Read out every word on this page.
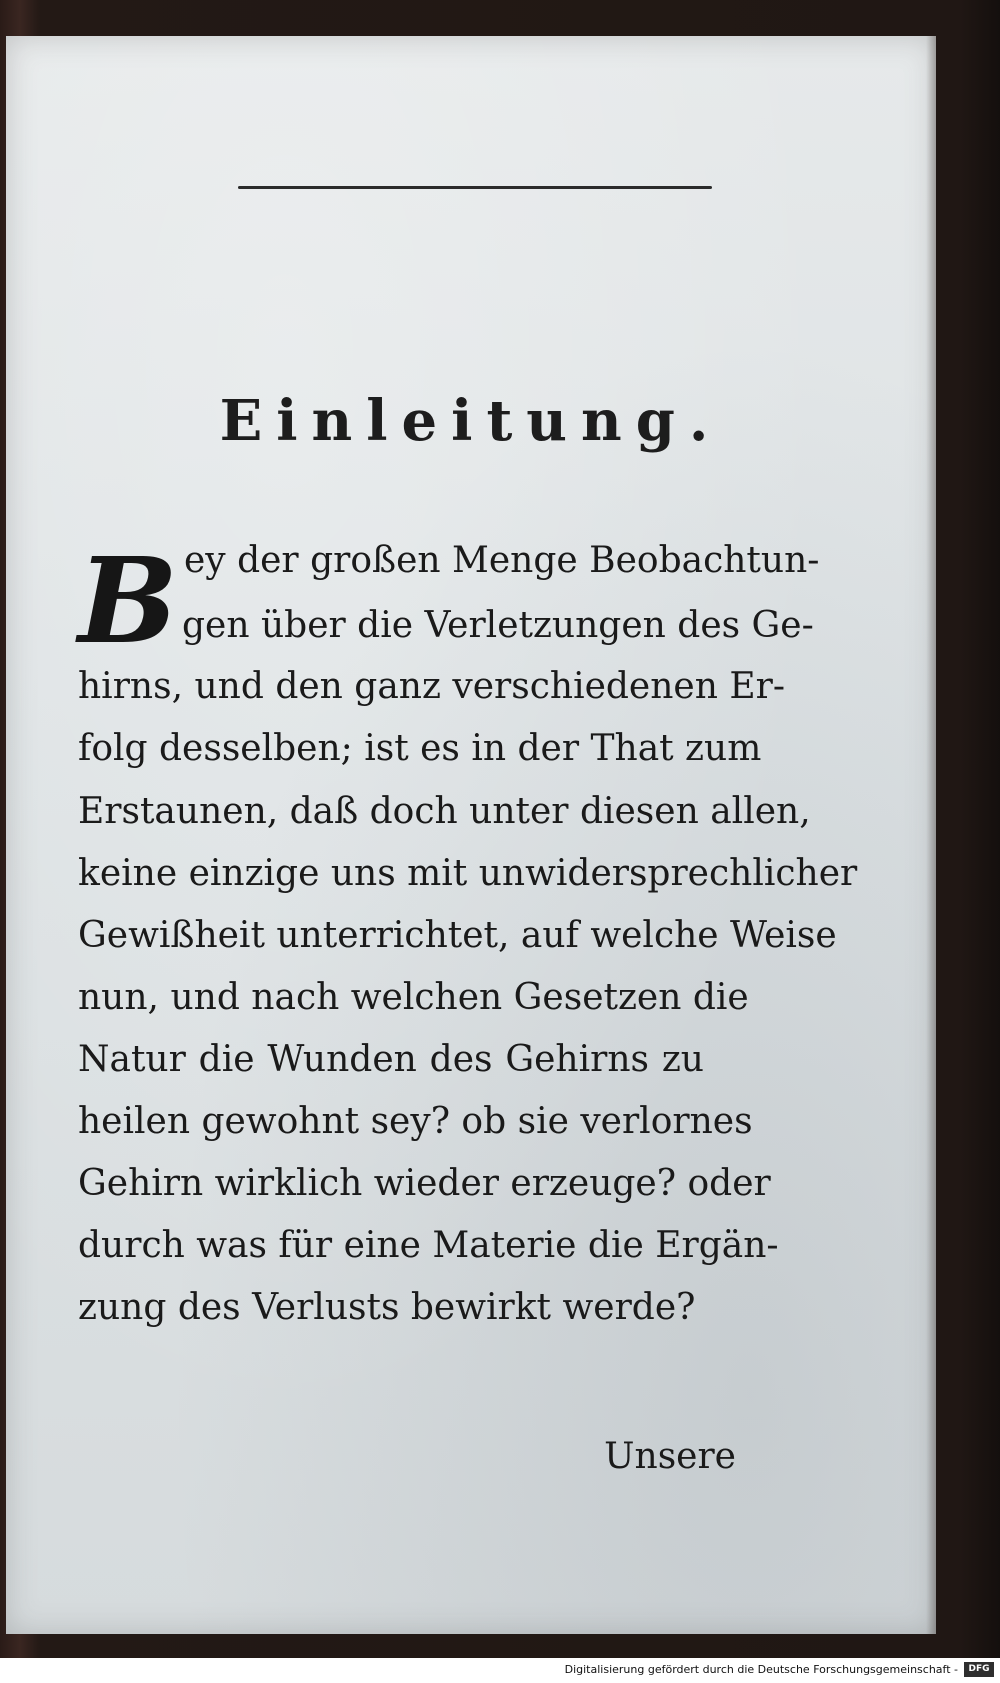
Einleitung.
B ey der großen Menge Beobachtun-
gen über die Verletzungen des Ge-
hirns, und den ganz verschiedenen Er-
folg desselben; ist es in der That zum
Erstaunen, daß doch unter diesen allen,
keine einzige uns mit unwidersprechlicher
Gewißheit unterrichtet, auf welche Weise
nun, und nach welchen Gesetzen die
Natur die Wunden des Gehirns zu
heilen gewohnt sey? ob sie verlornes
Gehirn wirklich wieder erzeuge? oder
durch was für eine Materie die Ergän-
zung des Verlusts bewirkt werde?
Unsere
Digitalisierung gefördert durch die Deutsche Forschungsgemeinschaft -	DFG
